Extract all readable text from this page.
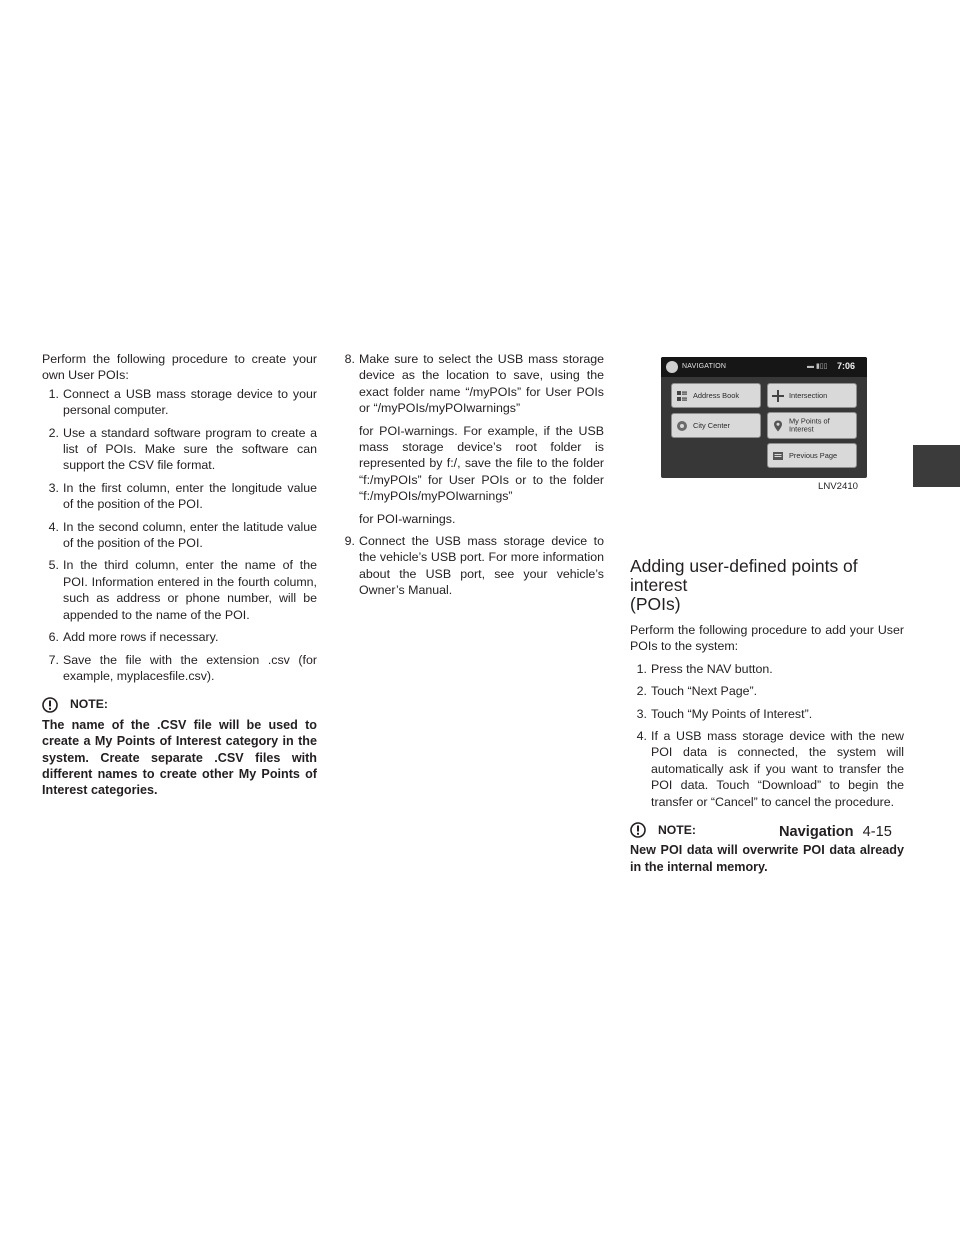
Perform the following procedure to create your own User POIs:

1. Connect a USB mass storage device to your personal computer.
2. Use a standard software program to create a list of POIs. Make sure the software can support the CSV file format.
3. In the first column, enter the longitude value of the position of the POI.
4. In the second column, enter the latitude value of the position of the POI.
5. In the third column, enter the name of the POI. Information entered in the fourth column, such as address or phone number, will be appended to the name of the POI.
6. Add more rows if necessary.
7. Save the file with the extension .csv (for example, myplacesfile.csv).
NOTE:

The name of the .CSV file will be used to create a My Points of Interest category in the system. Create separate .CSV files with different names to create other My Points of Interest categories.

8. Make sure to select the USB mass storage device as the location to save, using the exact folder name “/myPOIs” for User POIs or “/myPOIs/myPOIwarnings”
for POI-warnings. For example, if the USB mass storage device’s root folder is represented by f:/, save the file to the folder “f:/myPOIs” for User POIs or to the folder “f:/myPOIs/myPOIwarnings”
for POI-warnings.
9. Connect the USB mass storage device to the vehicle’s USB port. For more information about the USB port, see your vehicle’s Owner’s Manual.
NAVIGATION	▬ ▮▯▯ 7:06
Address Book	Intersection
City Center	My Points of
Interest
Previous Page
LNV2410
Adding user-defined points of interest
(POIs)

Perform the following procedure to add your User POIs to the system:

1. Press the NAV button.
2. Touch “Next Page”.
3. Touch “My Points of Interest”.
4. If a USB mass storage device with the new POI data is connected, the system will automatically ask if you want to transfer the POI data. Touch “Download” to begin the transfer or “Cancel” to cancel the procedure.
NOTE:

New POI data will overwrite POI data already in the internal memory.

Navigation 4-15
